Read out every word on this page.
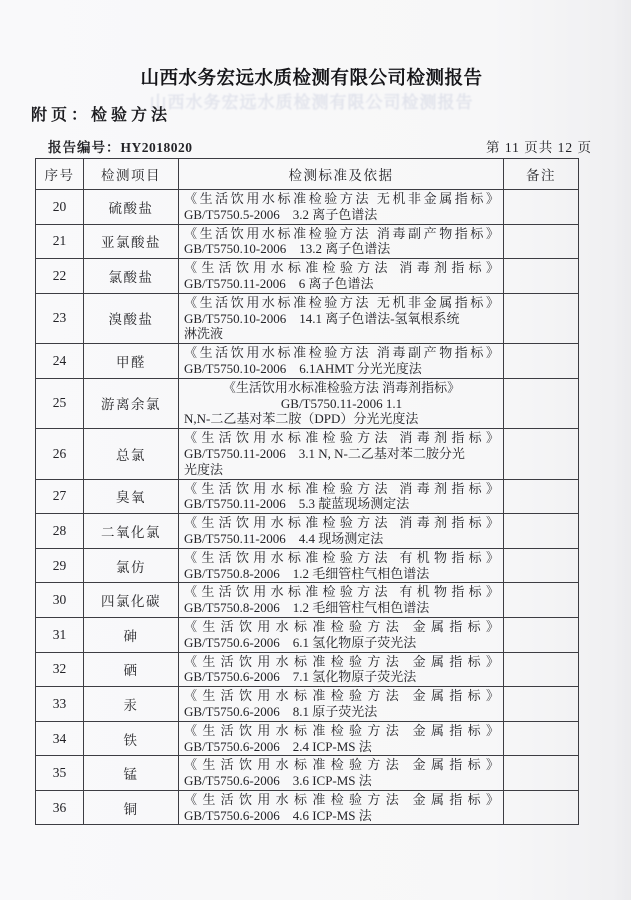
山西水务宏远水质检测有限公司检测报告
山西水务宏远水质检测有限公司检测报告
附页：检验方法
报告编号：HY2018020	第 11 页共 12 页
序号	检测项目	检测标准及依据	备注
20	硫酸盐	《生活饮用水标准检验方法 无机非金属指标》
GB/T5750.5-2006　3.2 离子色谱法	

21	亚氯酸盐	《生活饮用水标准检验方法 消毒副产物指标》
GB/T5750.10-2006　13.2 离子色谱法	

22	氯酸盐	《生活饮用水标准检验方法 消毒剂指标》
GB/T5750.11-2006　6 离子色谱法	

23	溴酸盐	《生活饮用水标准检验方法 无机非金属指标》
GB/T5750.10-2006　14.1 离子色谱法-氢氧根系统
淋洗液	

24	甲醛	《生活饮用水标准检验方法 消毒副产物指标》
GB/T5750.10-2006　6.1AHMT 分光光度法	

25	游离余氯	《生活饮用水标准检验方法 消毒剂指标》
GB/T5750.11-2006 1.1
N,N-二乙基对苯二胺（DPD）分光光度法	

26	总氯	《生活饮用水标准检验方法 消毒剂指标》
GB/T5750.11-2006　3.1 N, N-二乙基对苯二胺分光
光度法	

27	臭氧	《生活饮用水标准检验方法 消毒剂指标》
GB/T5750.11-2006　5.3 靛蓝现场测定法	

28	二氧化氯	《生活饮用水标准检验方法 消毒剂指标》
GB/T5750.11-2006　4.4 现场测定法	

29	氯仿	《生活饮用水标准检验方法 有机物指标》
GB/T5750.8-2006　1.2 毛细管柱气相色谱法	

30	四氯化碳	《生活饮用水标准检验方法 有机物指标》
GB/T5750.8-2006　1.2 毛细管柱气相色谱法	

31	砷	《生活饮用水标准检验方法 金属指标》
GB/T5750.6-2006　6.1 氢化物原子荧光法	

32	硒	《生活饮用水标准检验方法 金属指标》
GB/T5750.6-2006　7.1 氢化物原子荧光法	

33	汞	《生活饮用水标准检验方法 金属指标》
GB/T5750.6-2006　8.1 原子荧光法	

34	铁	《生活饮用水标准检验方法 金属指标》
GB/T5750.6-2006　2.4 ICP-MS 法	

35	锰	《生活饮用水标准检验方法 金属指标》
GB/T5750.6-2006　3.6 ICP-MS 法	

36	铜	《生活饮用水标准检验方法 金属指标》
GB/T5750.6-2006　4.6 ICP-MS 法	
